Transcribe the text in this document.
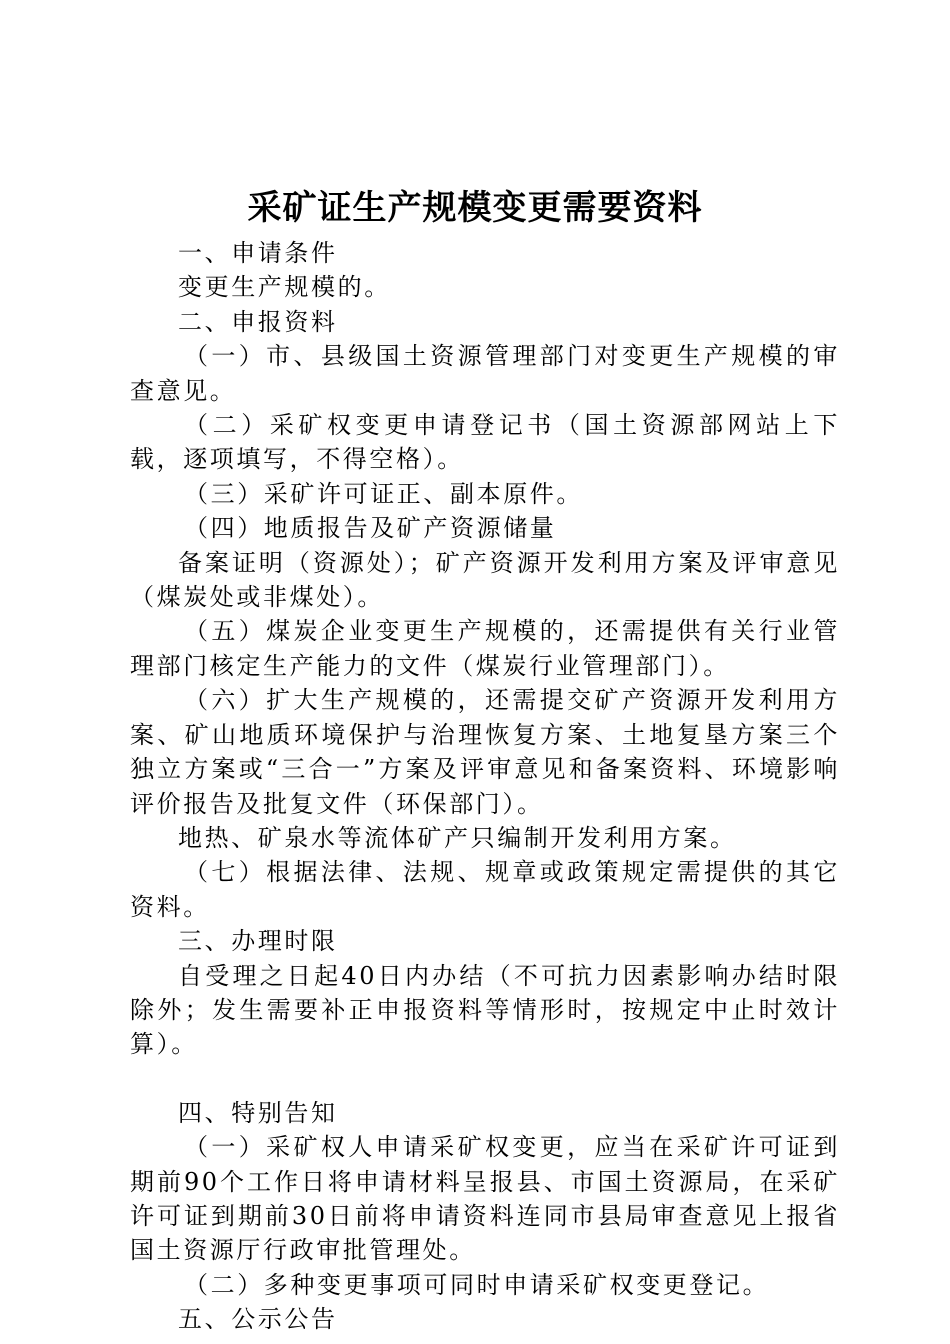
采矿证生产规模变更需要资料

一、申请条件

变更生产规模的。

二、申报资料

（一）市、县级国土资源管理部门对变更生产规模的审查意见。

（二）采矿权变更申请登记书（国土资源部网站上下载，逐项填写，不得空格）。

（三）采矿许可证正、副本原件。

（四）地质报告及矿产资源储量

备案证明（资源处）；矿产资源开发利用方案及评审意见（煤炭处或非煤处）。

（五）煤炭企业变更生产规模的，还需提供有关行业管理部门核定生产能力的文件（煤炭行业管理部门）。

（六）扩大生产规模的，还需提交矿产资源开发利用方案、矿山地质环境保护与治理恢复方案、土地复垦方案三个独立方案或“三合一”方案及评审意见和备案资料、环境影响评价报告及批复文件（环保部门）。

地热、矿泉水等流体矿产只编制开发利用方案。

（七）根据法律、法规、规章或政策规定需提供的其它资料。

三、办理时限

自受理之日起40日内办结（不可抗力因素影响办结时限除外；发生需要补正申报资料等情形时，按规定中止时效计算）。

四、特别告知

（一）采矿权人申请采矿权变更，应当在采矿许可证到期前90个工作日将申请材料呈报县、市国土资源局，在采矿许可证到期前30日前将申请资料连同市县局审查意见上报省国土资源厅行政审批管理处。

（二）多种变更事项可同时申请采矿权变更登记。

五、公示公告
